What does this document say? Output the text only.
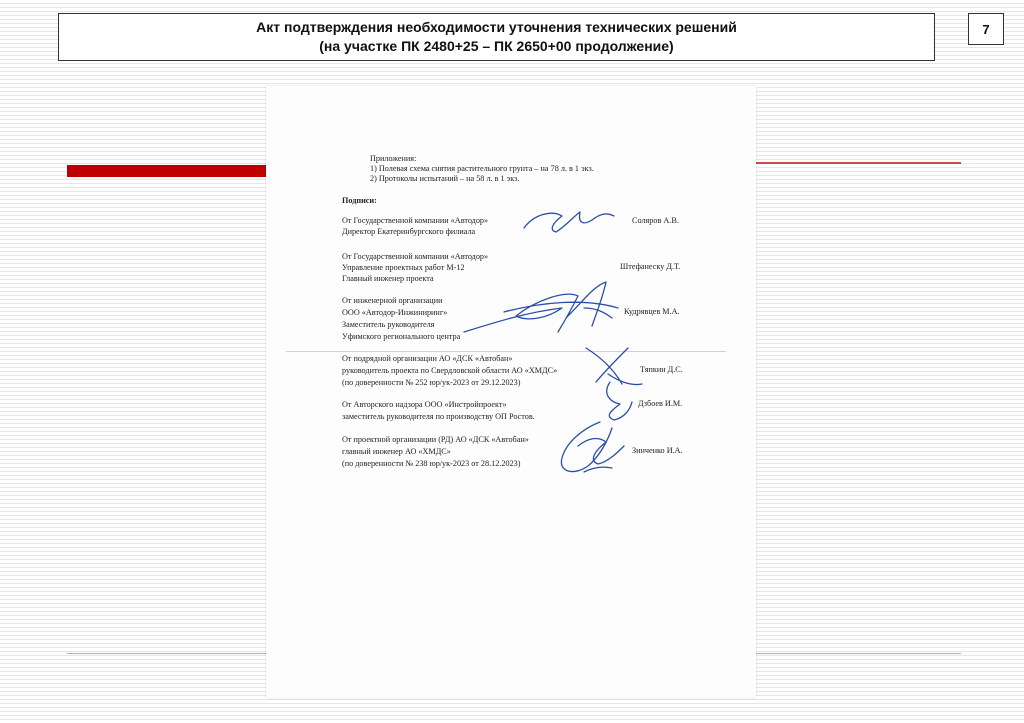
Акт подтверждения необходимости уточнения технических решений
(на участке ПК 2480+25 – ПК 2650+00 продолжение)
7
Приложения:
1) Полевая схема снятия растительного грунта – на 78 л. в 1 экз.
2) Протоколы испытаний – на 58 л. в 1 экз.
Подписи:
От Государственной компании «Автодор»
Директор Екатеринбургского филиала
Соляров А.В.
От Государственной компании «Автодор»
Управление проектных работ М-12
Главный инженер проекта
Штефанеску Д.Т.
От инженерной организации
ООО «Автодор-Инжиниринг»
Заместитель руководителя
Уфимского регионального центра
Кудрявцев М.А.
От подрядной организации АО «ДСК «Автобан»
руководитель проекта по Свердловской области АО «ХМДС»
(по доверенности № 252 юр/ук-2023 от 29.12.2023)
Тяпкин Д.С.
От Авторского надзора ООО «Инстройпроект»
заместитель руководителя по производству ОП Ростов.
Дзбоев И.М.
От проектной организации (РД) АО «ДСК «Автобан»
главный инженер АО «ХМДС»
(по доверенности № 238 юр/ук-2023 от 28.12.2023)
Зинченко И.А.
